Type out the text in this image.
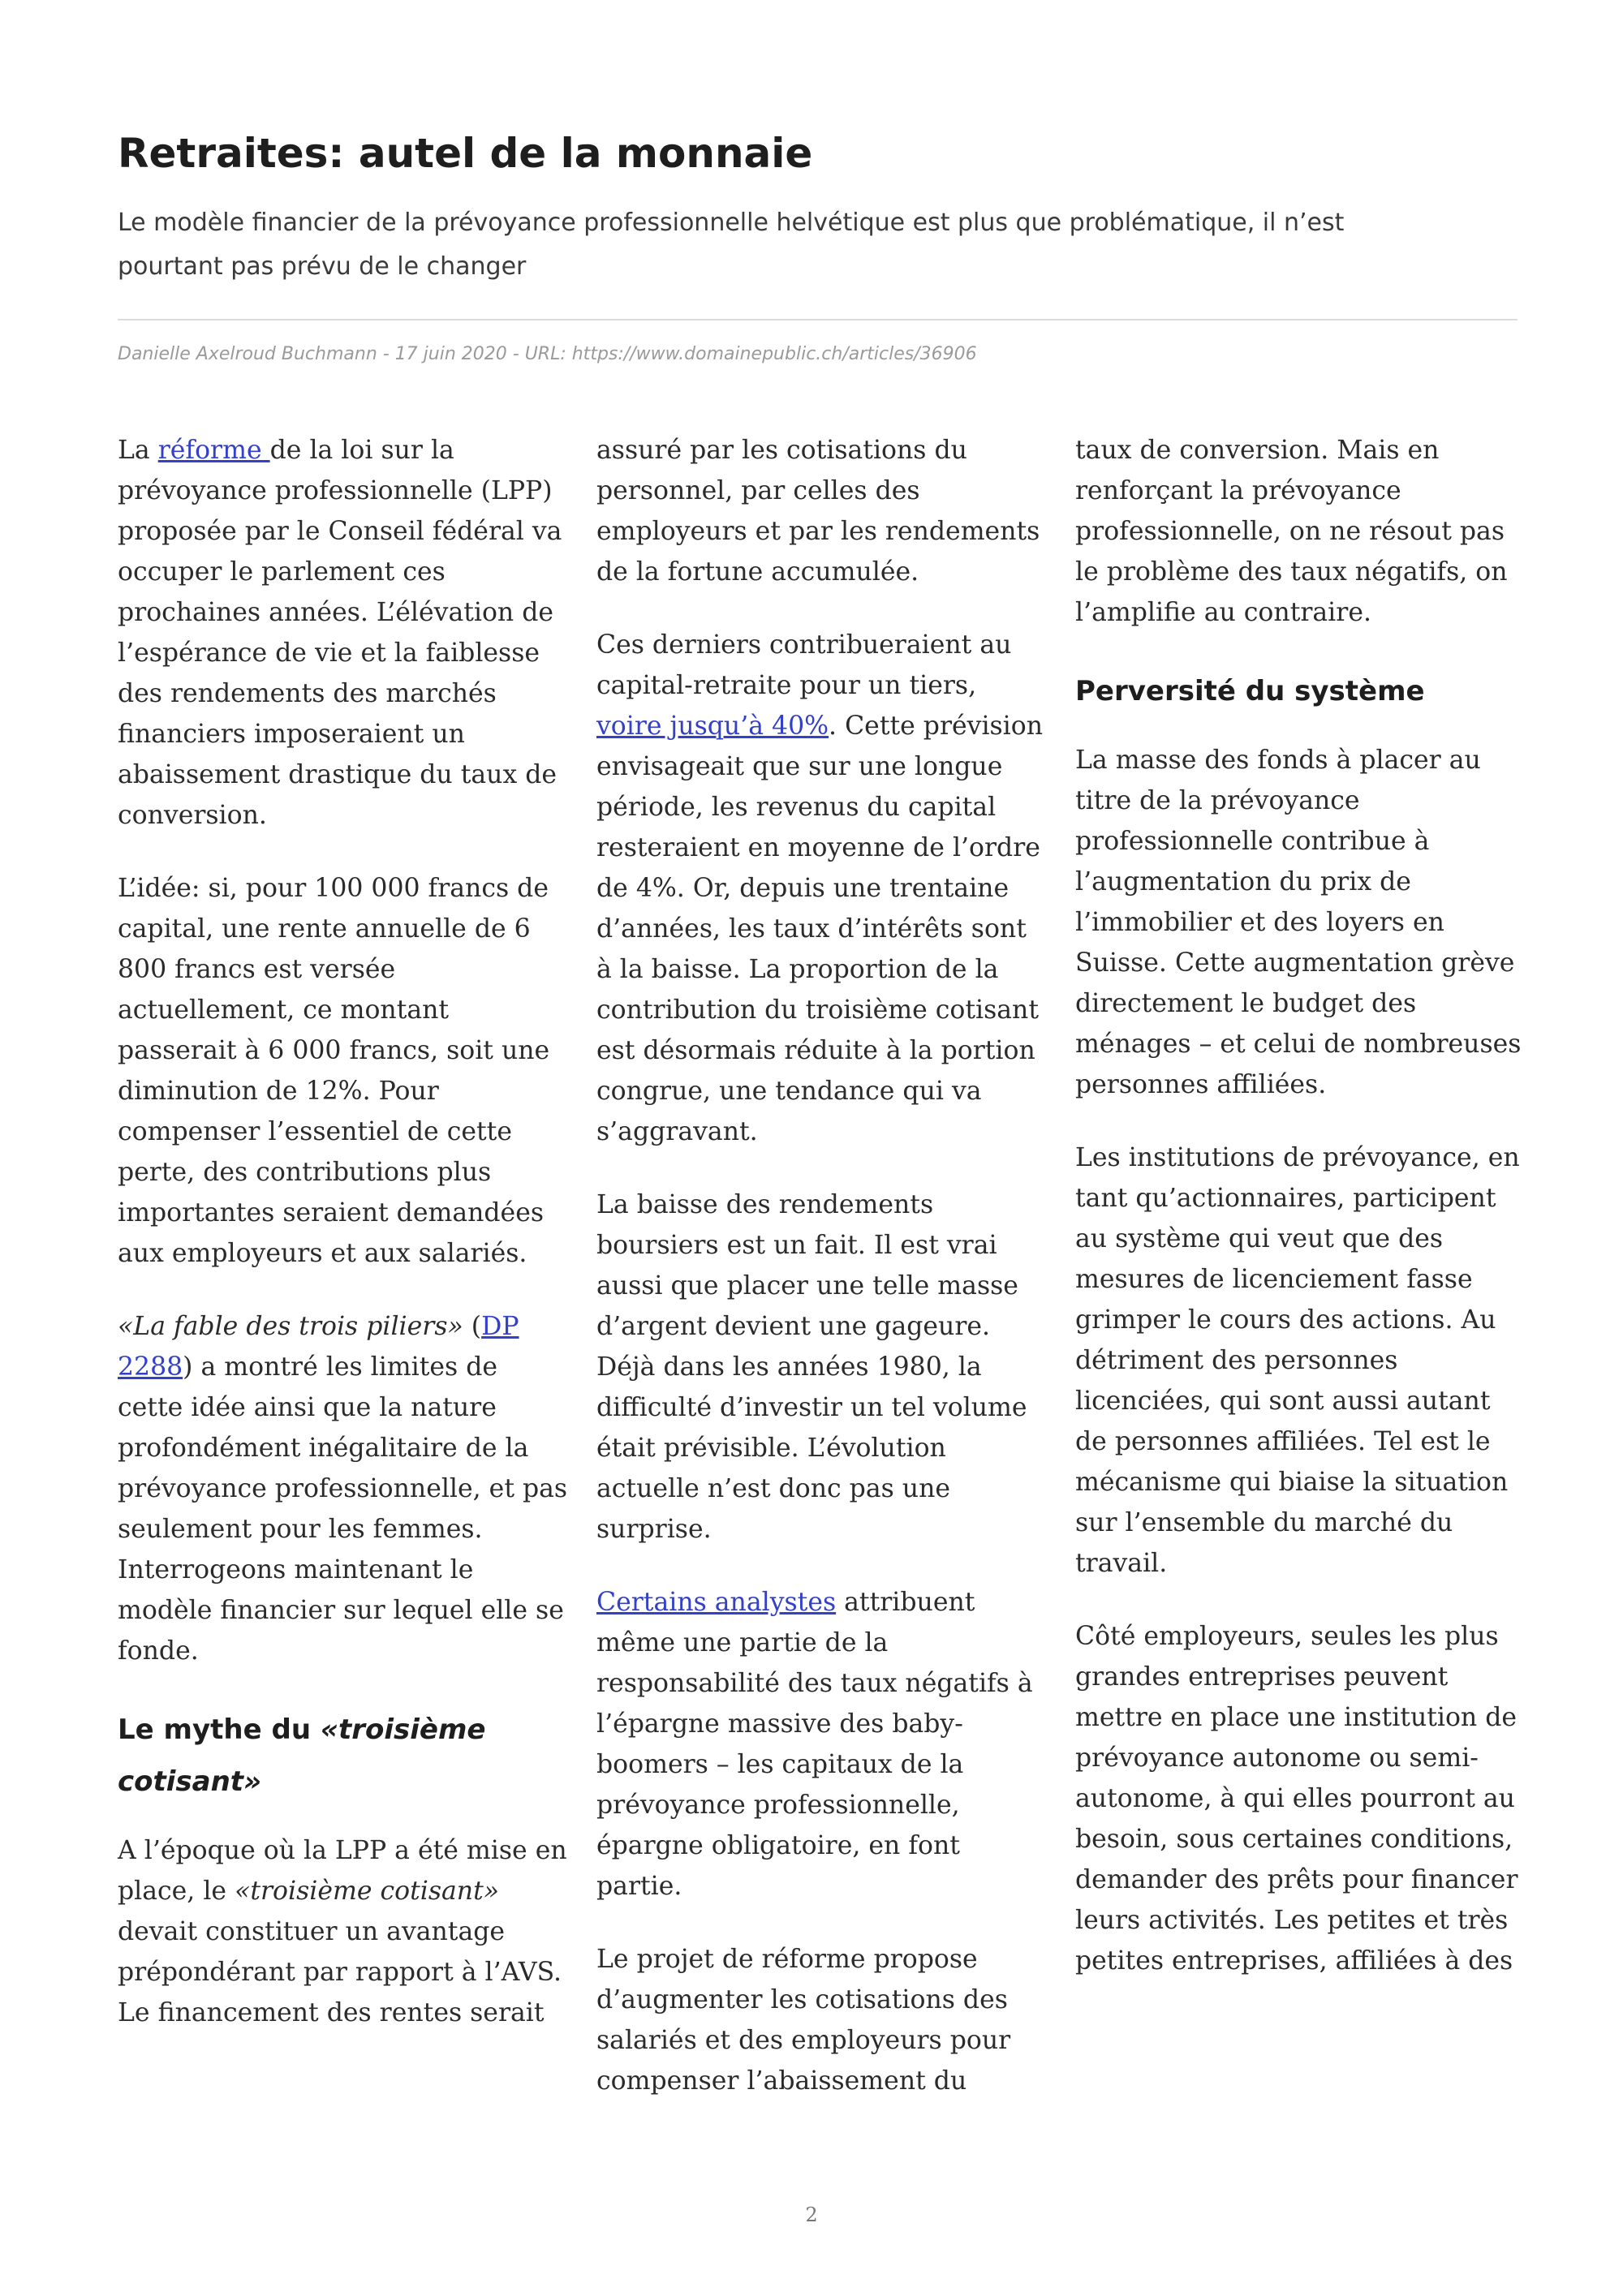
Retraites: autel de la monnaie

Le modèle financier de la prévoyance professionnelle helvétique est plus que problématique, il n’est pourtant pas prévu de le changer

Danielle Axelroud Buchmann - 17 juin 2020 - URL: https://www.domainepublic.ch/articles/36906

La réforme de la loi sur la prévoyance professionnelle (LPP) proposée par le Conseil fédéral va occuper le parlement ces prochaines années. L’élévation de l’espérance de vie et la faiblesse des rendements des marchés financiers imposeraient un abaissement drastique du taux de conversion.

L’idée: si, pour 100 000 francs de capital, une rente annuelle de 6 800 francs est versée actuellement, ce montant passerait à 6 000 francs, soit une diminution de 12%. Pour compenser l’essentiel de cette perte, des contributions plus importantes seraient demandées aux employeurs et aux salariés.

«La fable des trois piliers» (DP 2288) a montré les limites de cette idée ainsi que la nature profondément inégalitaire de la prévoyance professionnelle, et pas seulement pour les femmes. Interrogeons maintenant le modèle financier sur lequel elle se fonde.

Le mythe du «troisième cotisant»

A l’époque où la LPP a été mise en place, le «troisième cotisant» devait constituer un avantage prépondérant par rapport à l’AVS. Le financement des rentes serait

assuré par les cotisations du personnel, par celles des employeurs et par les rendements de la fortune accumulée.

Ces derniers contribueraient au capital-retraite pour un tiers, voire jusqu’à 40%. Cette prévision envisageait que sur une longue période, les revenus du capital resteraient en moyenne de l’ordre de 4%. Or, depuis une trentaine d’années, les taux d’intérêts sont à la baisse. La proportion de la contribution du troisième cotisant est désormais réduite à la portion congrue, une tendance qui va s’aggravant.

La baisse des rendements boursiers est un fait. Il est vrai aussi que placer une telle masse d’argent devient une gageure. Déjà dans les années 1980, la difficulté d’investir un tel volume était prévisible. L’évolution actuelle n’est donc pas une surprise.

Certains analystes attribuent même une partie de la responsabilité des taux négatifs à l’épargne massive des baby-boomers – les capitaux de la prévoyance professionnelle, épargne obligatoire, en font partie.

Le projet de réforme propose d’augmenter les cotisations des salariés et des employeurs pour compenser l’abaissement du

taux de conversion. Mais en renforçant la prévoyance professionnelle, on ne résout pas le problème des taux négatifs, on l’amplifie au contraire.

Perversité du système

La masse des fonds à placer au titre de la prévoyance professionnelle contribue à l’augmentation du prix de l’immobilier et des loyers en Suisse. Cette augmentation grève directement le budget des ménages – et celui de nombreuses personnes affiliées.

Les institutions de prévoyance, en tant qu’actionnaires, participent au système qui veut que des mesures de licenciement fasse grimper le cours des actions. Au détriment des personnes licenciées, qui sont aussi autant de personnes affiliées. Tel est le mécanisme qui biaise la situation sur l’ensemble du marché du travail.

Côté employeurs, seules les plus grandes entreprises peuvent mettre en place une institution de prévoyance autonome ou semi-autonome, à qui elles pourront au besoin, sous certaines conditions, demander des prêts pour financer leurs activités. Les petites et très petites entreprises, affiliées à des

2
